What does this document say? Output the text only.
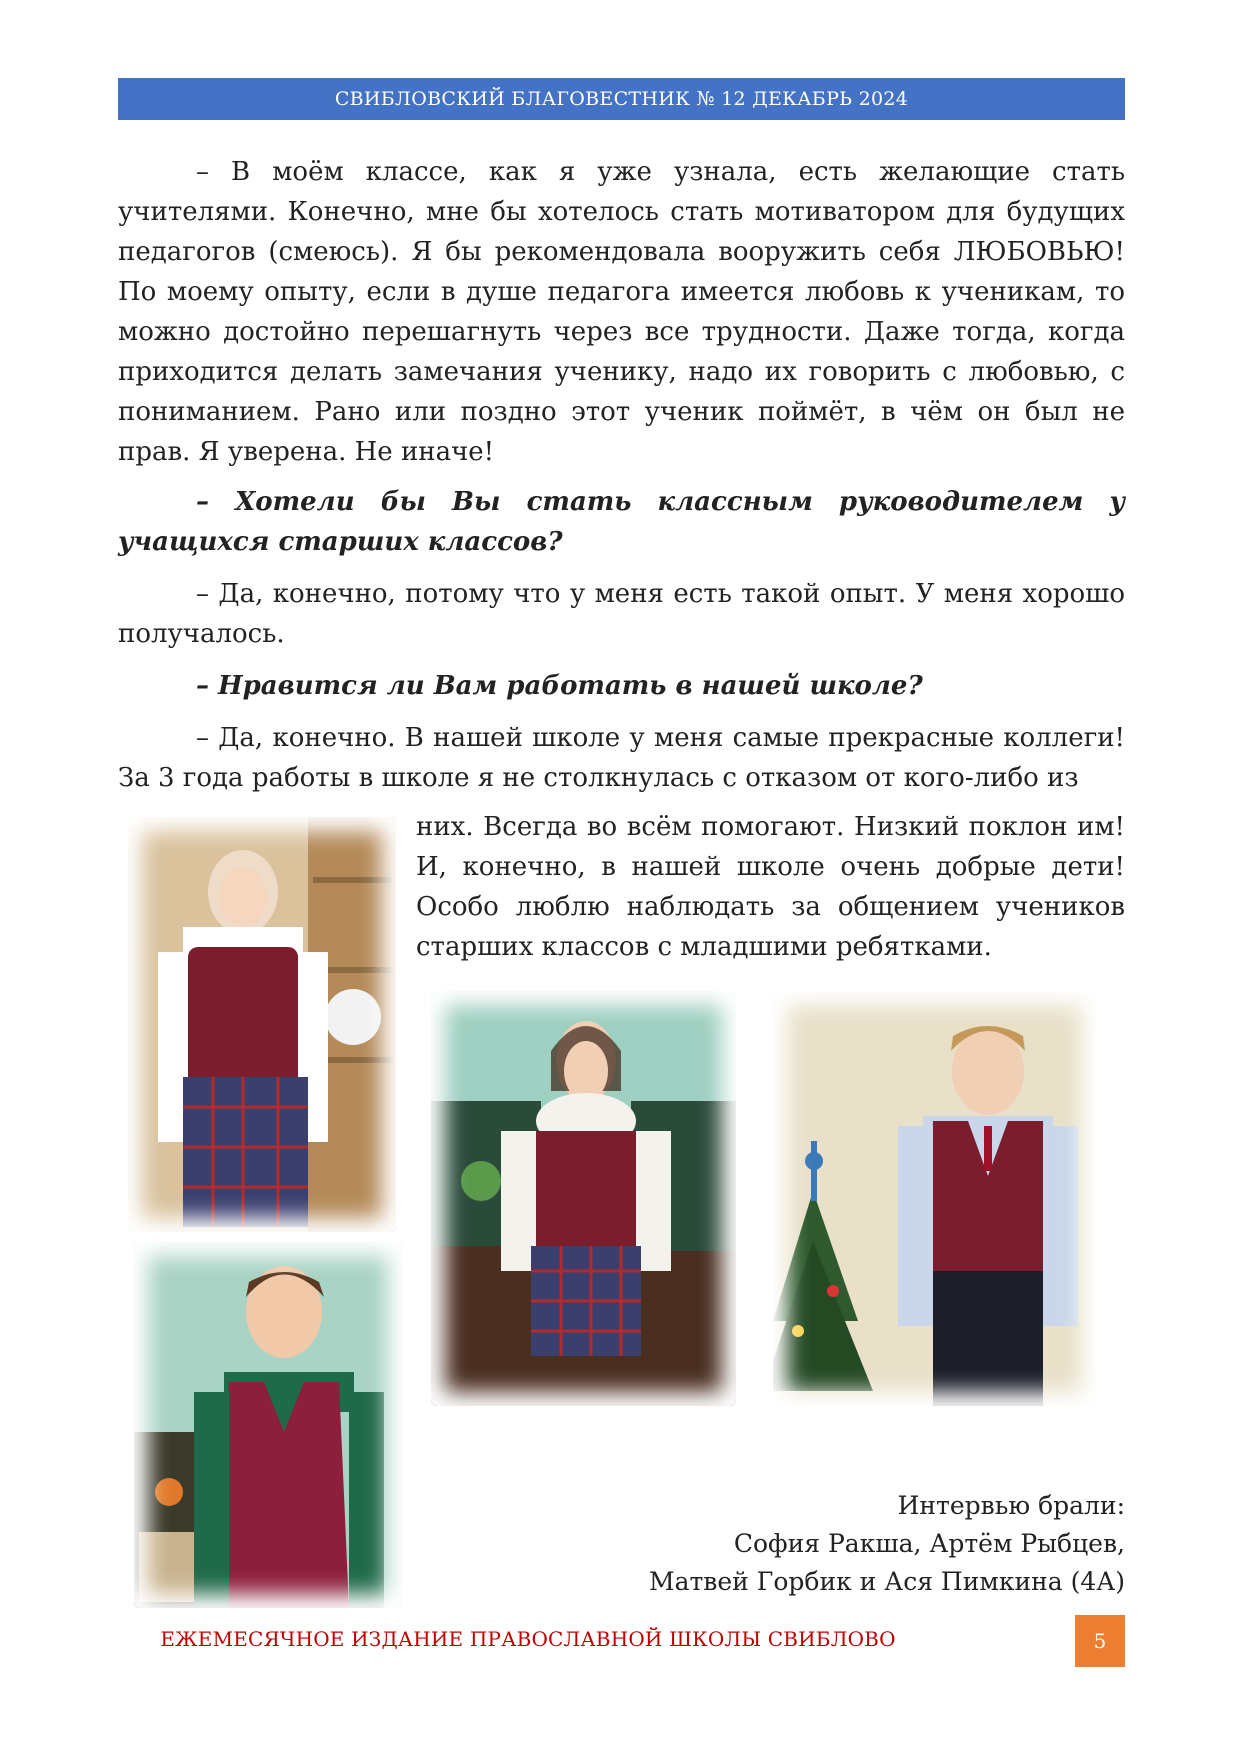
СВИБЛОВСКИЙ БЛАГОВЕСТНИК № 12 ДЕКАБРЬ 2024

– В моём классе, как я уже узнала, есть желающие стать учителями. Конечно, мне бы хотелось стать мотиватором для будущих педагогов (смеюсь). Я бы рекомендовала вооружить себя ЛЮБОВЬЮ! По моему опыту, если в душе педагога имеется любовь к ученикам, то можно достойно перешагнуть через все трудности. Даже тогда, когда приходится делать замечания ученику, надо их говорить с любовью, с пониманием. Рано или поздно этот ученик поймёт, в чём он был не прав. Я уверена. Не иначе!

– Хотели бы Вы стать классным руководителем у учащихся старших классов?

– Да, конечно, потому что у меня есть такой опыт. У меня хорошо получалось.

– Нравится ли Вам работать в нашей школе?

– Да, конечно. В нашей школе у меня самые прекрасные коллеги! За 3 года работы в школе я не столкнулась с отказом от кого-либо из

них. Всегда во всём помогают. Низкий поклон им! И, конечно, в нашей школе очень добрые дети! Особо люблю наблюдать за общением учеников старших классов с младшими ребятками.

Интервью брали:
София Ракша, Артём Рыбцев,
Матвей Горбик и Ася Пимкина (4А)
ЕЖЕМЕСЯЧНОЕ ИЗДАНИЕ ПРАВОСЛАВНОЙ ШКОЛЫ СВИБЛОВО	5
